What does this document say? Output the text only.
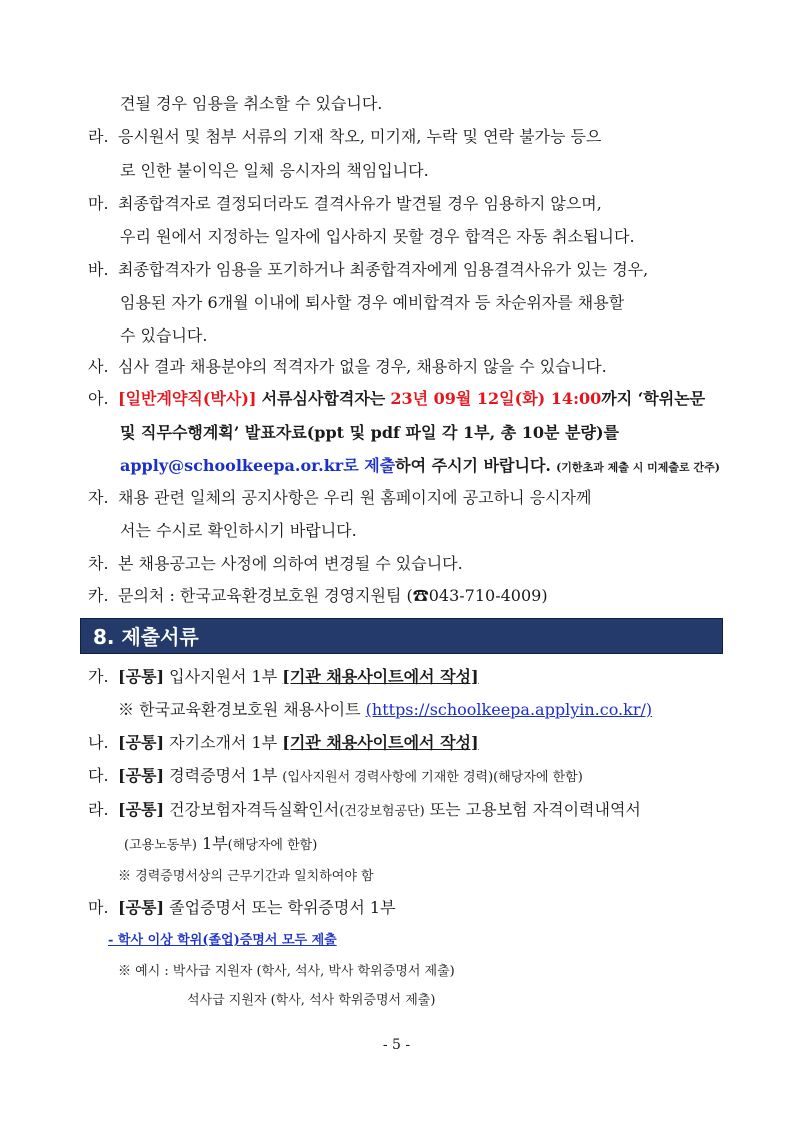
견될 경우 임용을 취소할 수 있습니다.
라. 응시원서 및 첨부 서류의 기재 착오, 미기재, 누락 및 연락 불가능 등으
로 인한 불이익은 일체 응시자의 책임입니다.
마. 최종합격자로 결정되더라도 결격사유가 발견될 경우 임용하지 않으며,
우리 원에서 지정하는 일자에 입사하지 못할 경우 합격은 자동 취소됩니다.
바. 최종합격자가 임용을 포기하거나 최종합격자에게 임용결격사유가 있는 경우,
임용된 자가 6개월 이내에 퇴사할 경우 예비합격자 등 차순위자를 채용할
수 있습니다.
사. 심사 결과 채용분야의 적격자가 없을 경우, 채용하지 않을 수 있습니다.
아. [일반계약직(박사)] 서류심사합격자는 23년 09월 12일(화) 14:00까지 ‘학위논문
및 직무수행계획’ 발표자료(ppt 및 pdf 파일 각 1부, 총 10분 분량)를
apply@schoolkeepa.or.kr로 제출하여 주시기 바랍니다. (기한초과 제출 시 미제출로 간주)
자. 채용 관련 일체의 공지사항은 우리 원 홈페이지에 공고하니 응시자께
서는 수시로 확인하시기 바랍니다.
차. 본 채용공고는 사정에 의하여 변경될 수 있습니다.
카. 문의처 : 한국교육환경보호원 경영지원팀 (☎043-710-4009)
8. 제출서류
가. [공통] 입사지원서 1부 [기관 채용사이트에서 작성]
※ 한국교육환경보호원 채용사이트 (https://schoolkeepa.applyin.co.kr/)
나. [공통] 자기소개서 1부 [기관 채용사이트에서 작성]
다. [공통] 경력증명서 1부 (입사지원서 경력사항에 기재한 경력)(해당자에 한함)
라. [공통] 건강보험자격득실확인서(건강보험공단) 또는 고용보험 자격이력내역서
(고용노동부) 1부(해당자에 한함)
※ 경력증명서상의 근무기간과 일치하여야 함
마. [공통] 졸업증명서 또는 학위증명서 1부
- 학사 이상 학위(졸업)증명서 모두 제출
※ 예시 : 박사급 지원자 (학사, 석사, 박사 학위증명서 제출)
석사급 지원자 (학사, 석사 학위증명서 제출)
- 5 -
